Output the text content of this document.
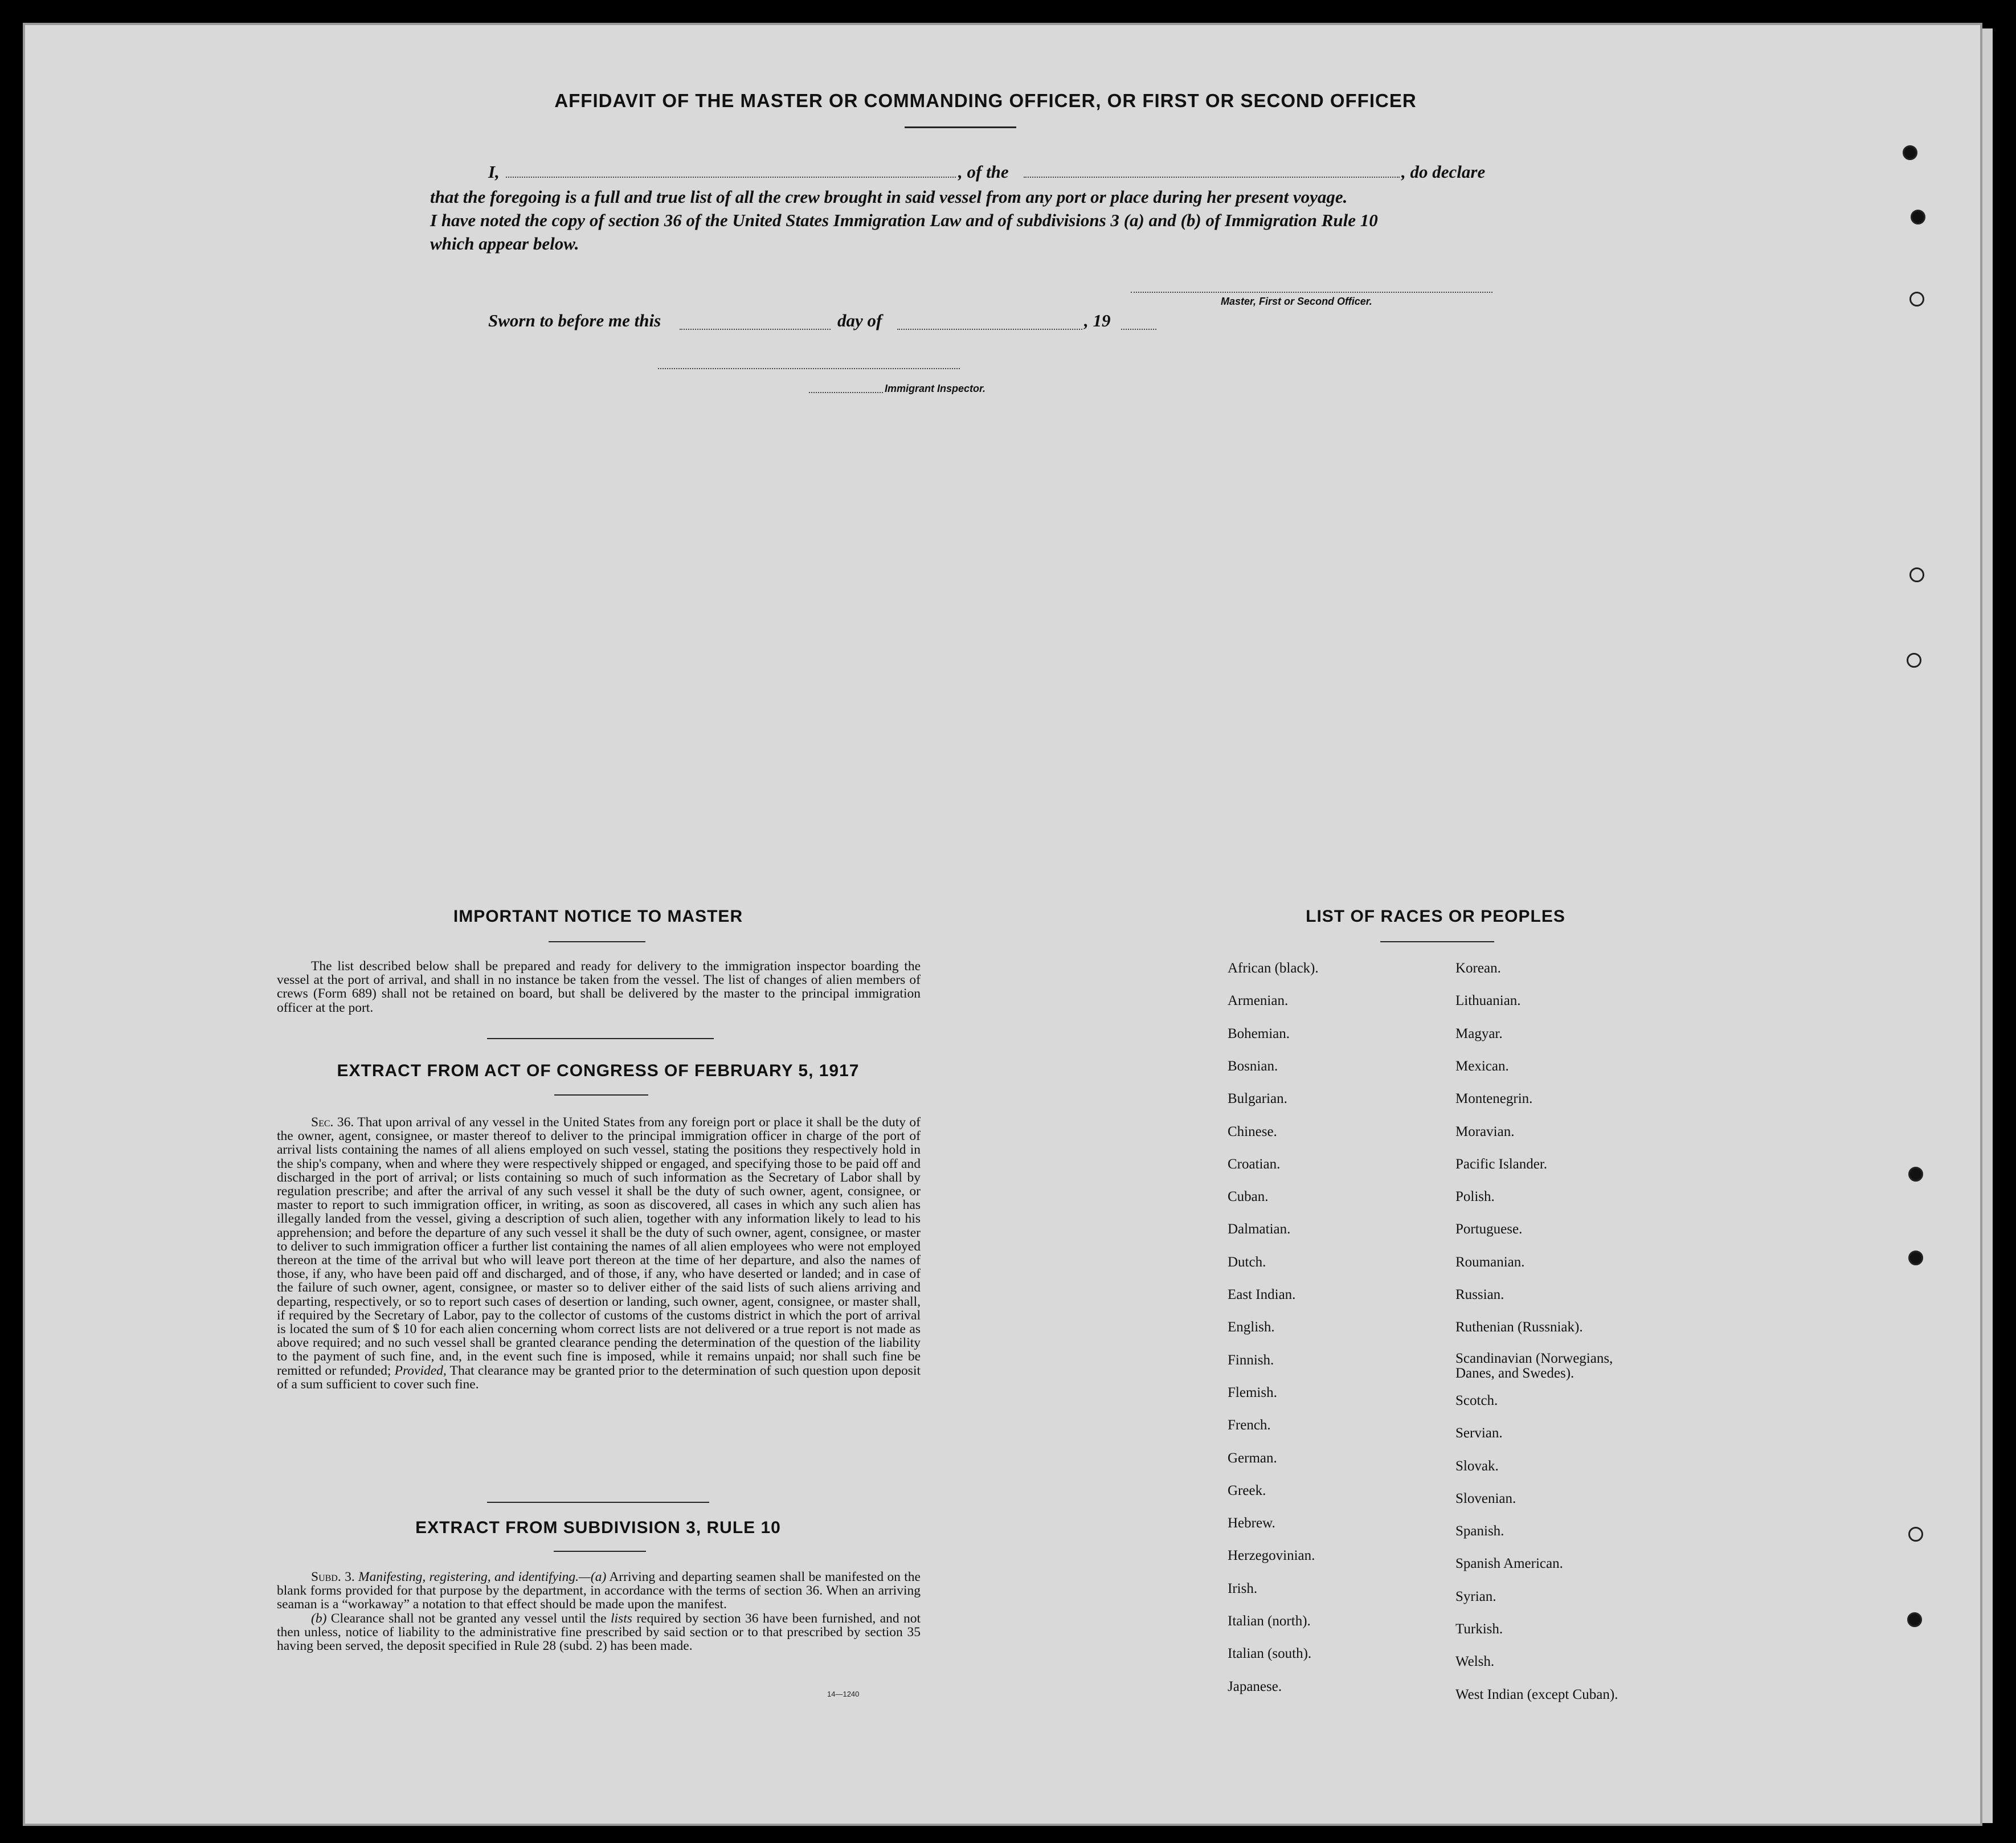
AFFIDAVIT OF THE MASTER OR COMMANDING OFFICER, OR FIRST OR SECOND OFFICER
I,	, of the	, do declare
that the foregoing is a full and true list of all the crew brought in said vessel from any port or place during her present voyage.
I have noted the copy of section 36 of the United States Immigration Law and of subdivisions 3 (a) and (b) of Immigration Rule 10
which appear below.
Master, First or Second Officer.
Sworn to before me this	day of	, 19
Immigrant Inspector.
IMPORTANT NOTICE TO MASTER
The list described below shall be prepared and ready for delivery to the immigration inspector boarding the vessel at the port of arrival, and shall in no instance be taken from the vessel. The list of changes of alien members of crews (Form 689) shall not be retained on board, but shall be delivered by the master to the principal immigration officer at the port.
EXTRACT FROM ACT OF CONGRESS OF FEBRUARY 5, 1917
Sec. 36. That upon arrival of any vessel in the United States from any foreign port or place it shall be the duty of the owner, agent, consignee, or master thereof to deliver to the principal immigration officer in charge of the port of arrival lists containing the names of all aliens employed on such vessel, stating the positions they respectively hold in the ship's company, when and where they were respectively shipped or engaged, and specifying those to be paid off and discharged in the port of arrival; or lists containing so much of such information as the Secretary of Labor shall by regulation prescribe; and after the arrival of any such vessel it shall be the duty of such owner, agent, consignee, or master to report to such immigration officer, in writing, as soon as discovered, all cases in which any such alien has illegally landed from the vessel, giving a description of such alien, together with any information likely to lead to his apprehension; and before the departure of any such vessel it shall be the duty of such owner, agent, consignee, or master to deliver to such immigration officer a further list containing the names of all alien employees who were not employed thereon at the time of the arrival but who will leave port thereon at the time of her departure, and also the names of those, if any, who have been paid off and discharged, and of those, if any, who have deserted or landed; and in case of the failure of such owner, agent, consignee, or master so to deliver either of the said lists of such aliens arriving and departing, respectively, or so to report such cases of desertion or landing, such owner, agent, consignee, or master shall, if required by the Secretary of Labor, pay to the collector of customs of the customs district in which the port of arrival is located the sum of $ 10 for each alien concerning whom correct lists are not delivered or a true report is not made as above required; and no such vessel shall be granted clearance pending the determination of the question of the liability to the payment of such fine, and, in the event such fine is imposed, while it remains unpaid; nor shall such fine be remitted or refunded; Provided, That clearance may be granted prior to the determination of such question upon deposit of a sum sufficient to cover such fine.
EXTRACT FROM SUBDIVISION 3, RULE 10
Subd. 3. Manifesting, registering, and identifying.—(a) Arriving and departing seamen shall be manifested on the blank forms provided for that purpose by the department, in accordance with the terms of section 36. When an arriving seaman is a “workaway” a notation to that effect should be made upon the manifest.
(b) Clearance shall not be granted any vessel until the lists required by section 36 have been furnished, and not then unless, notice of liability to the administrative fine prescribed by said section or to that prescribed by section 35 having been served, the deposit specified in Rule 28 (subd. 2) has been made.
14—1240
LIST OF RACES OR PEOPLES
African (black).
Armenian.
Bohemian.
Bosnian.
Bulgarian.
Chinese.
Croatian.
Cuban.
Dalmatian.
Dutch.
East Indian.
English.
Finnish.
Flemish.
French.
German.
Greek.
Hebrew.
Herzegovinian.
Irish.
Italian (north).
Italian (south).
Japanese.
Korean.
Lithuanian.
Magyar.
Mexican.
Montenegrin.
Moravian.
Pacific Islander.
Polish.
Portuguese.
Roumanian.
Russian.
Ruthenian (Russniak).
Scandinavian (Norwegians, Danes, and Swedes).
Scotch.
Servian.
Slovak.
Slovenian.
Spanish.
Spanish American.
Syrian.
Turkish.
Welsh.
West Indian (except Cuban).
